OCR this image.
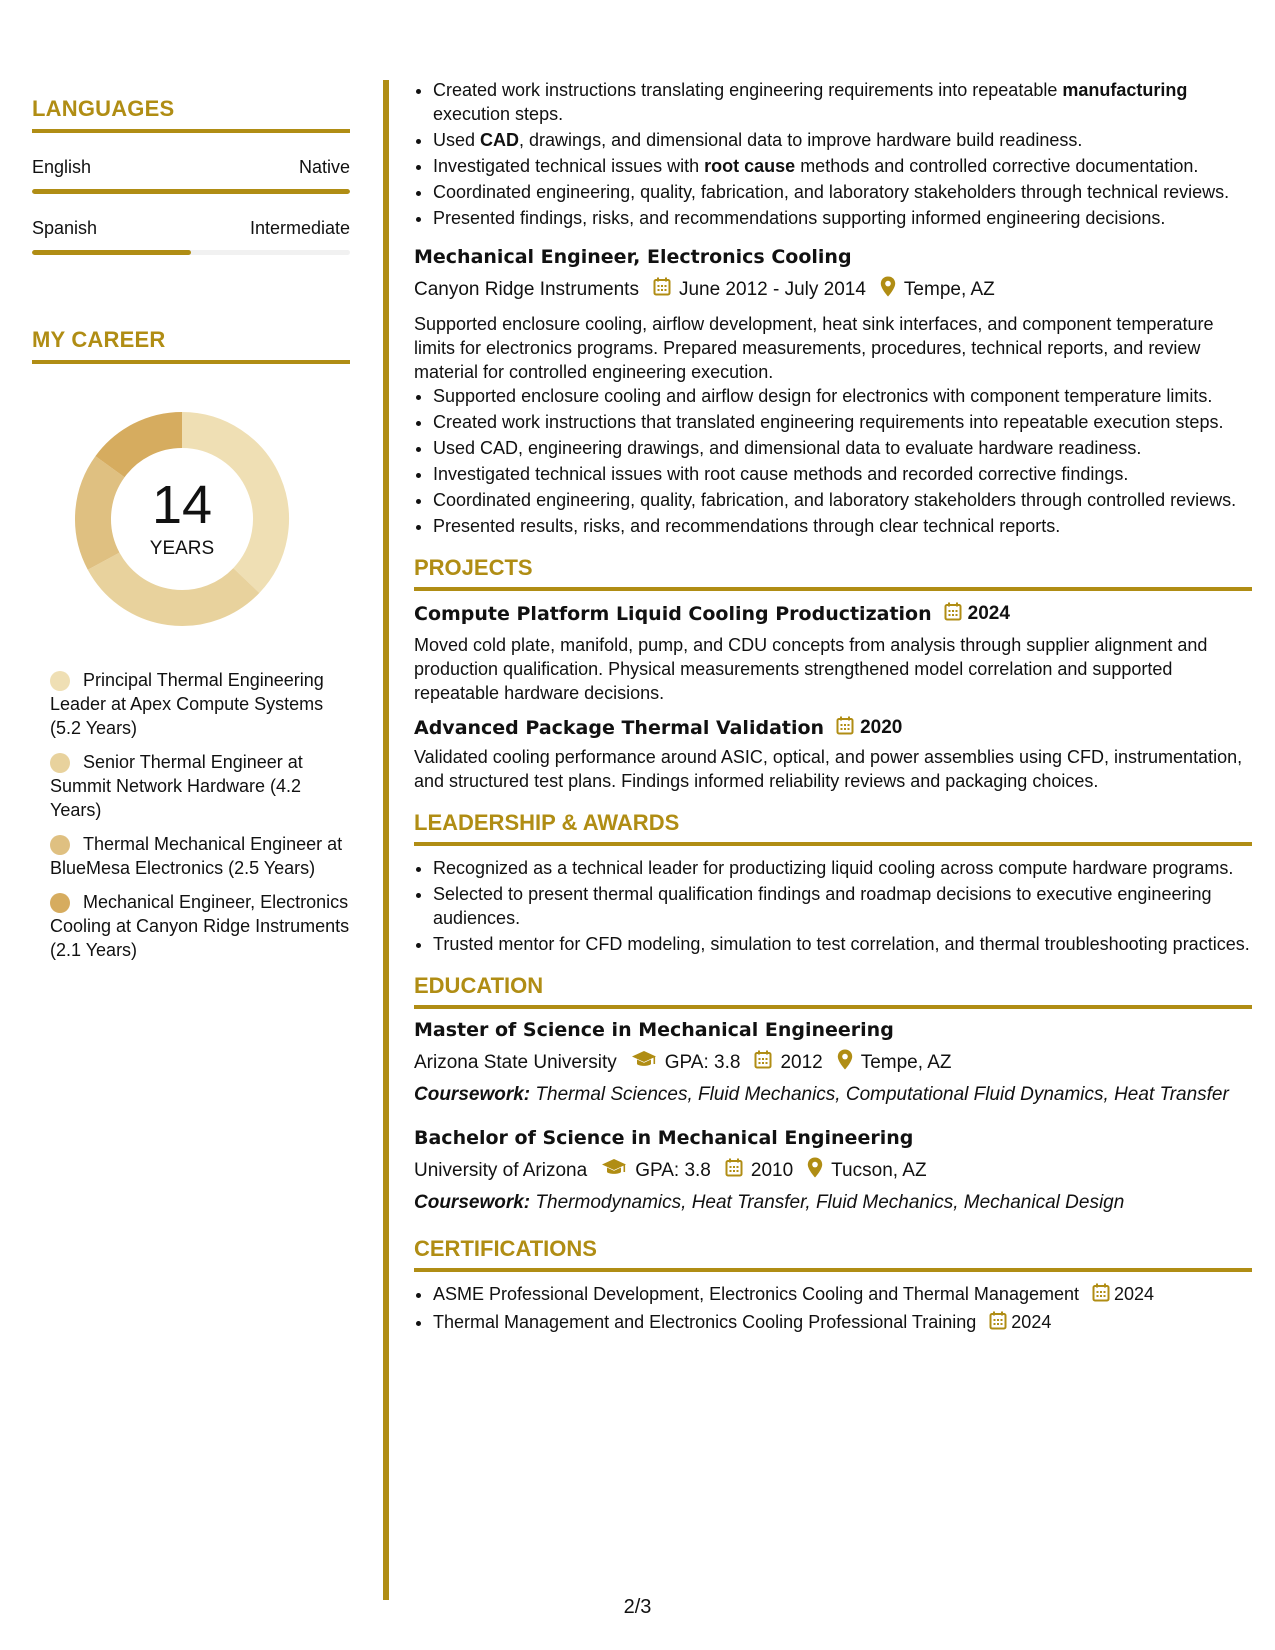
LANGUAGES
English	Native
Spanish	Intermediate
MY CAREER
14
YEARS
Principal Thermal Engineering Leader at Apex Compute Systems (5.2 Years)
Senior Thermal Engineer at Summit Network Hardware (4.2 Years)
Thermal Mechanical Engineer at BlueMesa Electronics (2.5 Years)
Mechanical Engineer, Electronics Cooling at Canyon Ridge Instruments (2.1 Years)
• Created work instructions translating engineering requirements into repeatable manufacturing execution steps.
• Used CAD, drawings, and dimensional data to improve hardware build readiness.
• Investigated technical issues with root cause methods and controlled corrective documentation.
• Coordinated engineering, quality, fabrication, and laboratory stakeholders through technical reviews.
• Presented findings, risks, and recommendations supporting informed engineering decisions.
Mechanical Engineer, Electronics Cooling
Canyon Ridge Instruments June 2012 - July 2014 Tempe, AZ
Supported enclosure cooling, airflow development, heat sink interfaces, and component temperature limits for electronics programs. Prepared measurements, procedures, technical reports, and review material for controlled engineering execution.
• Supported enclosure cooling and airflow design for electronics with component temperature limits.
• Created work instructions that translated engineering requirements into repeatable execution steps.
• Used CAD, engineering drawings, and dimensional data to evaluate hardware readiness.
• Investigated technical issues with root cause methods and recorded corrective findings.
• Coordinated engineering, quality, fabrication, and laboratory stakeholders through controlled reviews.
• Presented results, risks, and recommendations through clear technical reports.
PROJECTS
Compute Platform Liquid Cooling Productization 2024
Moved cold plate, manifold, pump, and CDU concepts from analysis through supplier alignment and production qualification. Physical measurements strengthened model correlation and supported repeatable hardware decisions.
Advanced Package Thermal Validation 2020
Validated cooling performance around ASIC, optical, and power assemblies using CFD, instrumentation, and structured test plans. Findings informed reliability reviews and packaging choices.
LEADERSHIP & AWARDS
• Recognized as a technical leader for productizing liquid cooling across compute hardware programs.
• Selected to present thermal qualification findings and roadmap decisions to executive engineering audiences.
• Trusted mentor for CFD modeling, simulation to test correlation, and thermal troubleshooting practices.
EDUCATION
Master of Science in Mechanical Engineering
Arizona State University	GPA: 3.8 2012 Tempe, AZ
Coursework: Thermal Sciences, Fluid Mechanics, Computational Fluid Dynamics, Heat Transfer
Bachelor of Science in Mechanical Engineering
University of Arizona	GPA: 3.8 2010 Tucson, AZ
Coursework: Thermodynamics, Heat Transfer, Fluid Mechanics, Mechanical Design
CERTIFICATIONS
• ASME Professional Development, Electronics Cooling and Thermal Management 2024
• Thermal Management and Electronics Cooling Professional Training 2024
2/3
